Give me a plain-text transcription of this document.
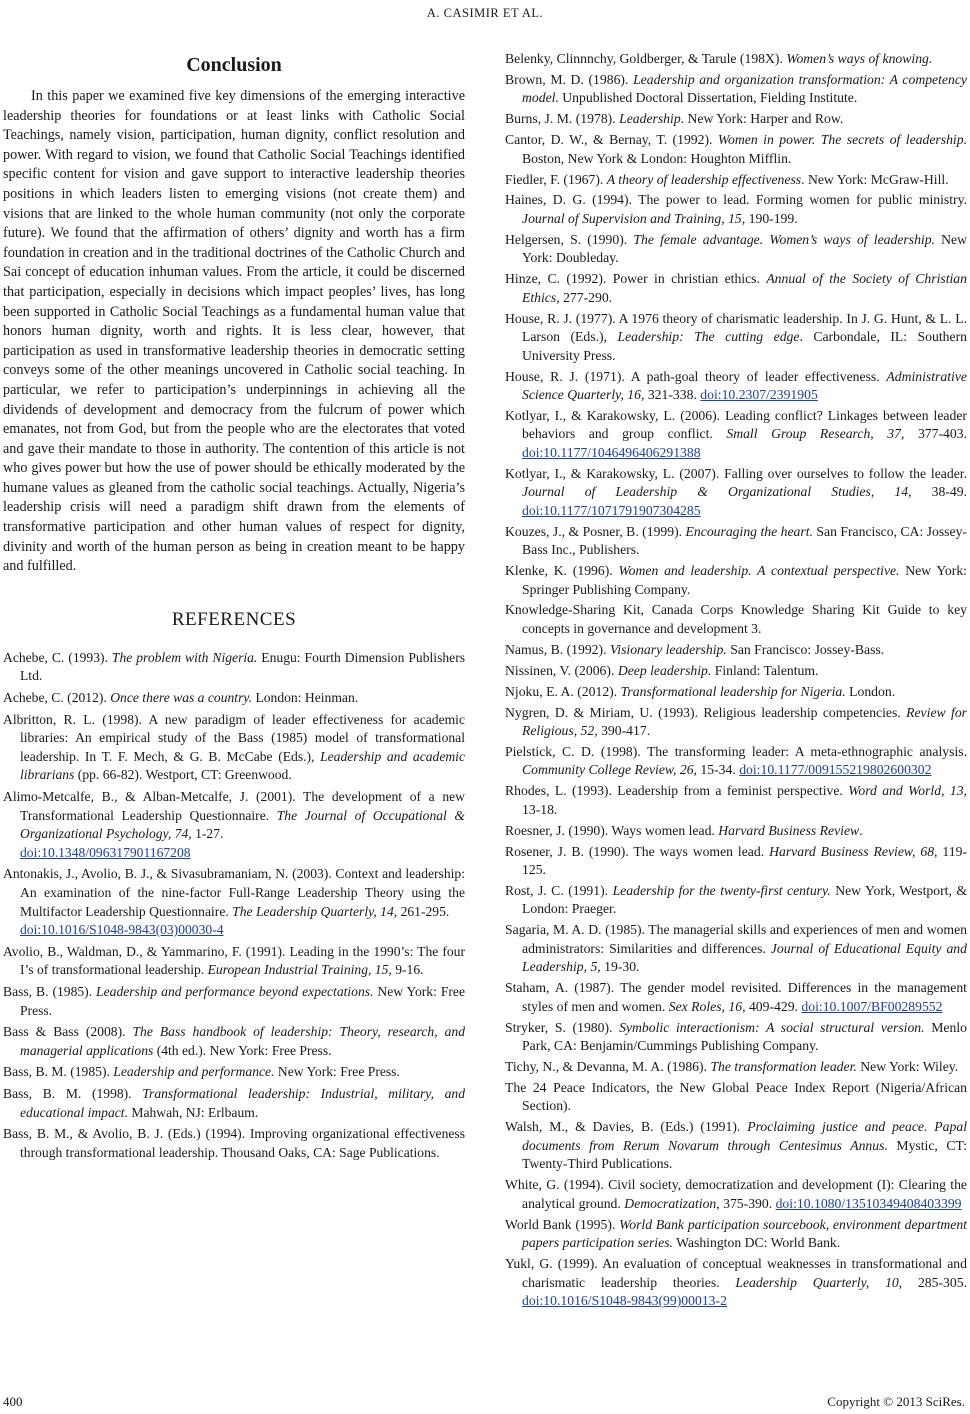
A. CASIMIR ET AL.
Conclusion

In this paper we examined five key dimensions of the emerging interactive leadership theories for foundations or at least links with Catholic Social Teachings, namely vision, participation, human dignity, conflict resolution and power. With regard to vision, we found that Catholic Social Teachings identified specific content for vision and gave support to interactive leadership theories positions in which leaders listen to emerging visions (not create them) and visions that are linked to the whole human community (not only the corporate future). We found that the affirmation of others’ dignity and worth has a firm foundation in creation and in the traditional doctrines of the Catholic Church and Sai concept of education inhuman values. From the article, it could be discerned that participation, especially in decisions which impact peoples’ lives, has long been supported in Catholic Social Teachings as a fundamental human value that honors human dignity, worth and rights. It is less clear, however, that participation as used in transformative leadership theories in democratic setting conveys some of the other meanings uncovered in Catholic social teaching. In particular, we refer to participation’s underpinnings in achieving all the dividends of development and democracy from the fulcrum of power which emanates, not from God, but from the people who are the electorates that voted and gave their mandate to those in authority. The contention of this article is not who gives power but how the use of power should be ethically moderated by the humane values as gleaned from the catholic social teachings. Actually, Nigeria’s leadership crisis will need a paradigm shift drawn from the elements of transformative participation and other human values of respect for dignity, divinity and worth of the human person as being in creation meant to be happy and fulfilled.

REFERENCES

Achebe, C. (1993). The problem with Nigeria. Enugu: Fourth Dimension Publishers Ltd.

Achebe, C. (2012). Once there was a country. London: Heinman.

Albritton, R. L. (1998). A new paradigm of leader effectiveness for academic libraries: An empirical study of the Bass (1985) model of transformational leadership. In T. F. Mech, & G. B. McCabe (Eds.), Leadership and academic librarians (pp. 66-82). Westport, CT: Greenwood.

Alimo-Metcalfe, B., & Alban-Metcalfe, J. (2001). The development of a new Transformational Leadership Questionnaire. The Journal of Occupational & Organizational Psychology, 74, 1-27.
doi:10.1348/096317901167208

Antonakis, J., Avolio, B. J., & Sivasubramaniam, N. (2003). Context and leadership: An examination of the nine-factor Full-Range Leadership Theory using the Multifactor Leadership Questionnaire. The Leadership Quarterly, 14, 261-295.
doi:10.1016/S1048-9843(03)00030-4

Avolio, B., Waldman, D., & Yammarino, F. (1991). Leading in the 1990’s: The four I’s of transformational leadership. European Industrial Training, 15, 9-16.

Bass, B. (1985). Leadership and performance beyond expectations. New York: Free Press.

Bass & Bass (2008). The Bass handbook of leadership: Theory, research, and managerial applications (4th ed.). New York: Free Press.

Bass, B. M. (1985). Leadership and performance. New York: Free Press.

Bass, B. M. (1998). Transformational leadership: Industrial, military, and educational impact. Mahwah, NJ: Erlbaum.

Bass, B. M., & Avolio, B. J. (Eds.) (1994). Improving organizational effectiveness through transformational leadership. Thousand Oaks, CA: Sage Publications.

Belenky, Clinnnchy, Goldberger, & Tarule (198X). Women’s ways of knowing.

Brown, M. D. (1986). Leadership and organization transformation: A competency model. Unpublished Doctoral Dissertation, Fielding Institute.

Burns, J. M. (1978). Leadership. New York: Harper and Row.

Cantor, D. W., & Bernay, T. (1992). Women in power. The secrets of leadership. Boston, New York & London: Houghton Mifflin.

Fiedler, F. (1967). A theory of leadership effectiveness. New York: McGraw-Hill.

Haines, D. G. (1994). The power to lead. Forming women for public ministry. Journal of Supervision and Training, 15, 190-199.

Helgersen, S. (1990). The female advantage. Women’s ways of leadership. New York: Doubleday.

Hinze, C. (1992). Power in christian ethics. Annual of the Society of Christian Ethics, 277-290.

House, R. J. (1977). A 1976 theory of charismatic leadership. In J. G. Hunt, & L. L. Larson (Eds.), Leadership: The cutting edge. Carbondale, IL: Southern University Press.

House, R. J. (1971). A path-goal theory of leader effectiveness. Administrative Science Quarterly, 16, 321-338. doi:10.2307/2391905

Kotlyar, I., & Karakowsky, L. (2006). Leading conflict? Linkages between leader behaviors and group conflict. Small Group Research, 37, 377-403. doi:10.1177/1046496406291388

Kotlyar, I., & Karakowsky, L. (2007). Falling over ourselves to follow the leader. Journal of Leadership & Organizational Studies, 14, 38-49. doi:10.1177/1071791907304285

Kouzes, J., & Posner, B. (1999). Encouraging the heart. San Francisco, CA: Jossey-Bass Inc., Publishers.

Klenke, K. (1996). Women and leadership. A contextual perspective. New York: Springer Publishing Company.

Knowledge-Sharing Kit, Canada Corps Knowledge Sharing Kit Guide to key concepts in governance and development 3.

Namus, B. (1992). Visionary leadership. San Francisco: Jossey-Bass.

Nissinen, V. (2006). Deep leadership. Finland: Talentum.

Njoku, E. A. (2012). Transformational leadership for Nigeria. London.

Nygren, D. & Miriam, U. (1993). Religious leadership competencies. Review for Religious, 52, 390-417.

Pielstick, C. D. (1998). The transforming leader: A meta-ethnographic analysis. Community College Review, 26, 15-34. doi:10.1177/009155219802600302

Rhodes, L. (1993). Leadership from a feminist perspective. Word and World, 13, 13-18.

Roesner, J. (1990). Ways women lead. Harvard Business Review.

Rosener, J. B. (1990). The ways women lead. Harvard Business Review, 68, 119-125.

Rost, J. C. (1991). Leadership for the twenty-first century. New York, Westport, & London: Praeger.

Sagaria, M. A. D. (1985). The managerial skills and experiences of men and women administrators: Similarities and differences. Journal of Educational Equity and Leadership, 5, 19-30.

Staham, A. (1987). The gender model revisited. Differences in the management styles of men and women. Sex Roles, 16, 409-429. doi:10.1007/BF00289552

Stryker, S. (1980). Symbolic interactionism: A social structural version. Menlo Park, CA: Benjamin/Cummings Publishing Company.

Tichy, N., & Devanna, M. A. (1986). The transformation leader. New York: Wiley.

The 24 Peace Indicators, the New Global Peace Index Report (Nigeria/African Section).

Walsh, M., & Davies, B. (Eds.) (1991). Proclaiming justice and peace. Papal documents from Rerum Novarum through Centesimus Annus. Mystic, CT: Twenty-Third Publications.

White, G. (1994). Civil society, democratization and development (I): Clearing the analytical ground. Democratization, 375-390. doi:10.1080/13510349408403399

World Bank (1995). World Bank participation sourcebook, environment department papers participation series. Washington DC: World Bank.

Yukl, G. (1999). An evaluation of conceptual weaknesses in transformational and charismatic leadership theories. Leadership Quarterly, 10, 285-305. doi:10.1016/S1048-9843(99)00013-2

400	Copyright © 2013 SciRes.
